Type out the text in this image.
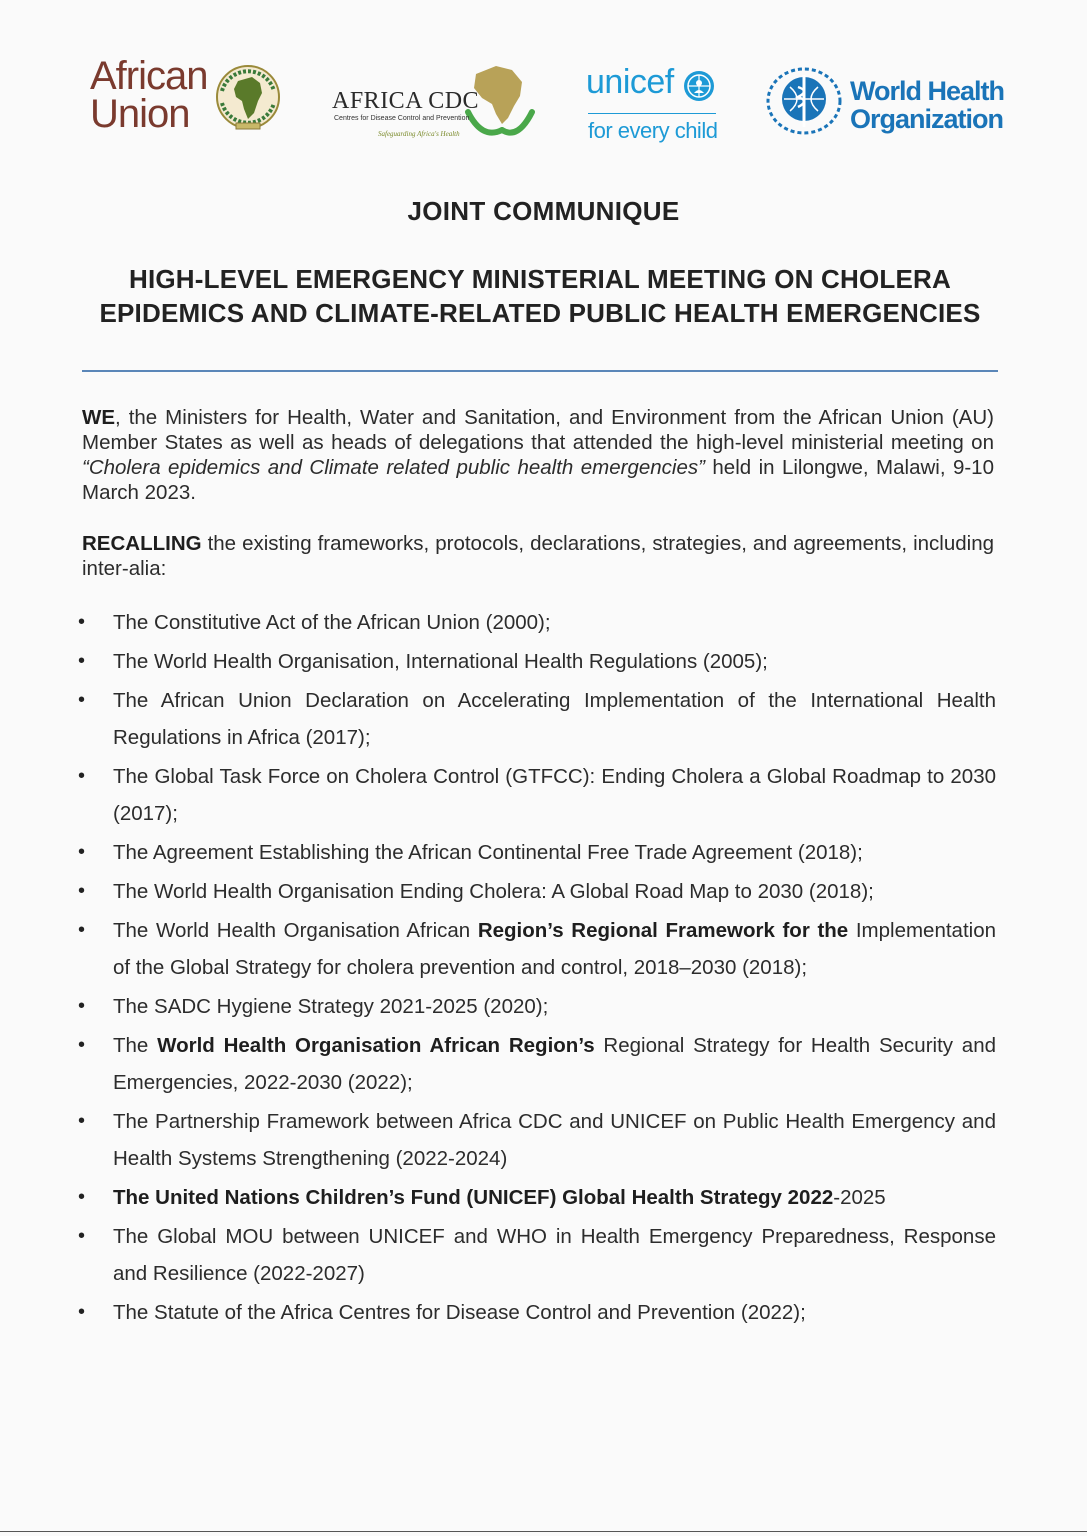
African
Union	AFRICA CDC
Centres for Disease Control and Prevention
Safeguarding Africa's Health
unicef
for every child
World Health
Organization
JOINT COMMUNIQUE
HIGH-LEVEL EMERGENCY MINISTERIAL MEETING ON CHOLERA EPIDEMICS AND CLIMATE-RELATED PUBLIC HEALTH EMERGENCIES
WE, the Ministers for Health, Water and Sanitation, and Environment from the African Union (AU) Member States as well as heads of delegations that attended the high-level ministerial meeting on “Cholera epidemics and Climate related public health emergencies” held in Lilongwe, Malawi, 9-10 March 2023.
RECALLING the existing frameworks, protocols, declarations, strategies, and agreements, including inter-alia:
• The Constitutive Act of the African Union (2000);
• The World Health Organisation, International Health Regulations (2005);
• The African Union Declaration on Accelerating Implementation of the International Health Regulations in Africa (2017);
• The Global Task Force on Cholera Control (GTFCC): Ending Cholera a Global Roadmap to 2030 (2017);
• The Agreement Establishing the African Continental Free Trade Agreement (2018);
• The World Health Organisation Ending Cholera: A Global Road Map to 2030 (2018);
• The World Health Organisation African Region’s Regional Framework for the Implementation of the Global Strategy for cholera prevention and control, 2018–2030 (2018);
• The SADC Hygiene Strategy 2021-2025 (2020);
• The World Health Organisation African Region’s Regional Strategy for Health Security and Emergencies, 2022-2030 (2022);
• The Partnership Framework between Africa CDC and UNICEF on Public Health Emergency and Health Systems Strengthening (2022-2024)
• The United Nations Children’s Fund (UNICEF) Global Health Strategy 2022-2025
• The Global MOU between UNICEF and WHO in Health Emergency Preparedness, Response and Resilience (2022-2027)
• The Statute of the Africa Centres for Disease Control and Prevention (2022);
